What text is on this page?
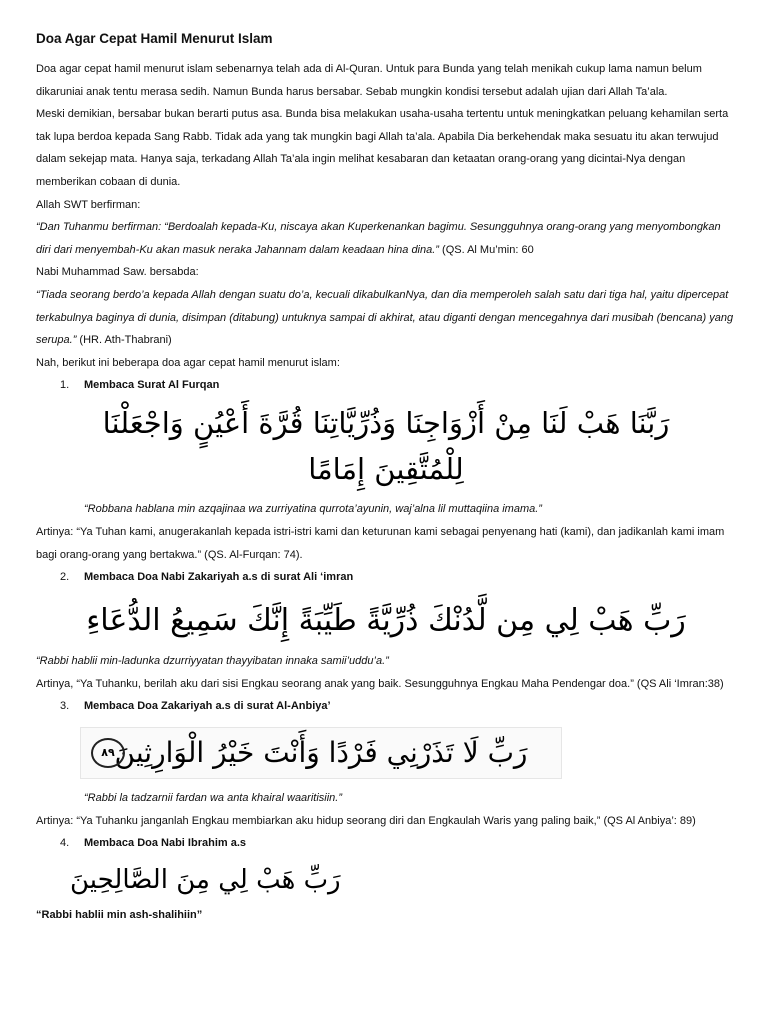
Doa Agar Cepat Hamil Menurut Islam

Doa agar cepat hamil menurut islam sebenarnya telah ada di Al-Quran. Untuk para Bunda yang telah menikah cukup lama namun belum dikaruniai anak tentu merasa sedih. Namun Bunda harus bersabar. Sebab mungkin kondisi tersebut adalah ujian dari Allah Ta’ala.

Meski demikian, bersabar bukan berarti putus asa. Bunda bisa melakukan usaha-usaha tertentu untuk meningkatkan peluang kehamilan serta tak lupa berdoa kepada Sang Rabb. Tidak ada yang tak mungkin bagi Allah ta’ala. Apabila Dia berkehendak maka sesuatu itu akan terwujud dalam sekejap mata. Hanya saja, terkadang Allah Ta’ala ingin melihat kesabaran dan ketaatan orang-orang yang dicintai-Nya dengan memberikan cobaan di dunia.

Allah SWT berfirman:

“Dan Tuhanmu berfirman: “Berdoalah kepada-Ku, niscaya akan Kuperkenankan bagimu. Sesungguhnya orang-orang yang menyombongkan diri dari menyembah-Ku akan masuk neraka Jahannam dalam keadaan hina dina.” (QS. Al Mu’min: 60

Nabi Muhammad Saw. bersabda:

“Tiada seorang berdo’a kepada Allah dengan suatu do’a, kecuali dikabulkanNya, dan dia memperoleh salah satu dari tiga hal, yaitu dipercepat terkabulnya baginya di dunia, disimpan (ditabung) untuknya sampai di akhirat, atau diganti dengan mencegahnya dari musibah (bencana) yang serupa.” (HR. Ath-Thabrani)

Nah, berikut ini beberapa doa agar cepat hamil menurut islam:

1. Membaca Surat Al Furqan

رَبَّنَا هَبْ لَنَا مِنْ أَزْوَاجِنَا وَذُرِّيَّاتِنَا قُرَّةَ أَعْيُنٍ وَاجْعَلْنَا لِلْمُتَّقِينَ إِمَامًا

“Robbana hablana min azqajinaa wa zurriyatina qurrota’ayunin, waj’alna lil muttaqiina imama.”

Artinya: “Ya Tuhan kami, anugerakanlah kepada istri-istri kami dan keturunan kami sebagai penyenang hati (kami), dan jadikanlah kami imam bagi orang-orang yang bertakwa.” (QS. Al-Furqan: 74).

2. Membaca Doa Nabi Zakariyah a.s di surat Ali ‘imran

رَبِّ هَبْ لِي مِن لَّدُنْكَ ذُرِّيَّةً طَيِّبَةً إِنَّكَ سَمِيعُ الدُّعَاءِ

“Rabbi hablii min-ladunka dzurriyyatan thayyibatan innaka samii’uddu’a.”

Artinya, “Ya Tuhanku, berilah aku dari sisi Engkau seorang anak yang baik. Sesungguhnya Engkau Maha Pendengar doa.” (QS Ali ‘Imran:38)

3. Membaca Doa Zakariyah a.s di surat Al-Anbiya’

٨٩ رَبِّ لَا تَذَرْنِي فَرْدًا وَأَنْتَ خَيْرُ الْوَارِثِينَ

“Rabbi la tadzarnii fardan wa anta khairal waaritisiin.”

Artinya: “Ya Tuhanku janganlah Engkau membiarkan aku hidup seorang diri dan Engkaulah Waris yang paling baik,” (QS Al Anbiya’: 89)

4. Membaca Doa Nabi Ibrahim a.s

رَبِّ هَبْ لِي مِنَ الصَّالِحِينَ

“Rabbi hablii min ash-shalihiin”
